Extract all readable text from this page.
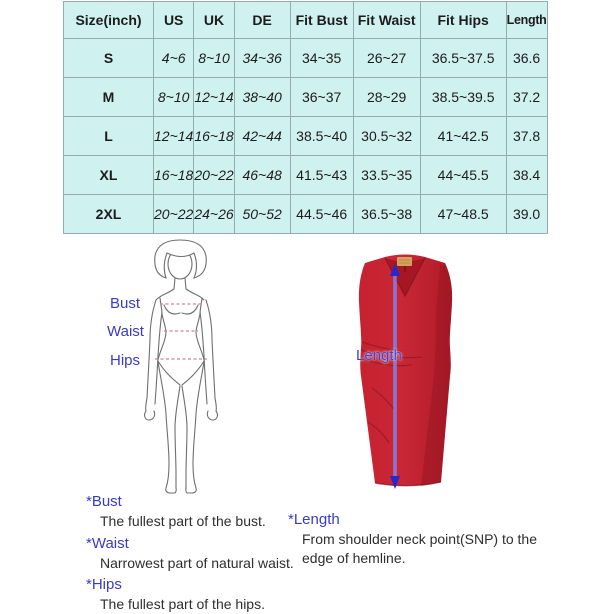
Size(inch)	US	UK	DE	Fit Bust	Fit Waist	Fit Hips	Length
S	4~6	8~10	34~36	34~35	26~27	36.5~37.5	36.6
M	8~10	12~14	38~40	36~37	28~29	38.5~39.5	37.2
L	12~14	16~18	42~44	38.5~40	30.5~32	41~42.5	37.8
XL	16~18	20~22	46~48	41.5~43	33.5~35	44~45.5	38.4
2XL	20~22	24~26	50~52	44.5~46	36.5~38	47~48.5	39.0
Bust
Waist
Hips	Length
*Bust
The fullest part of the bust.
*Waist
Narrowest part of natural waist.
*Hips
The fullest part of the hips.
*Length
From shoulder neck point(SNP) to the edge of hemline.
